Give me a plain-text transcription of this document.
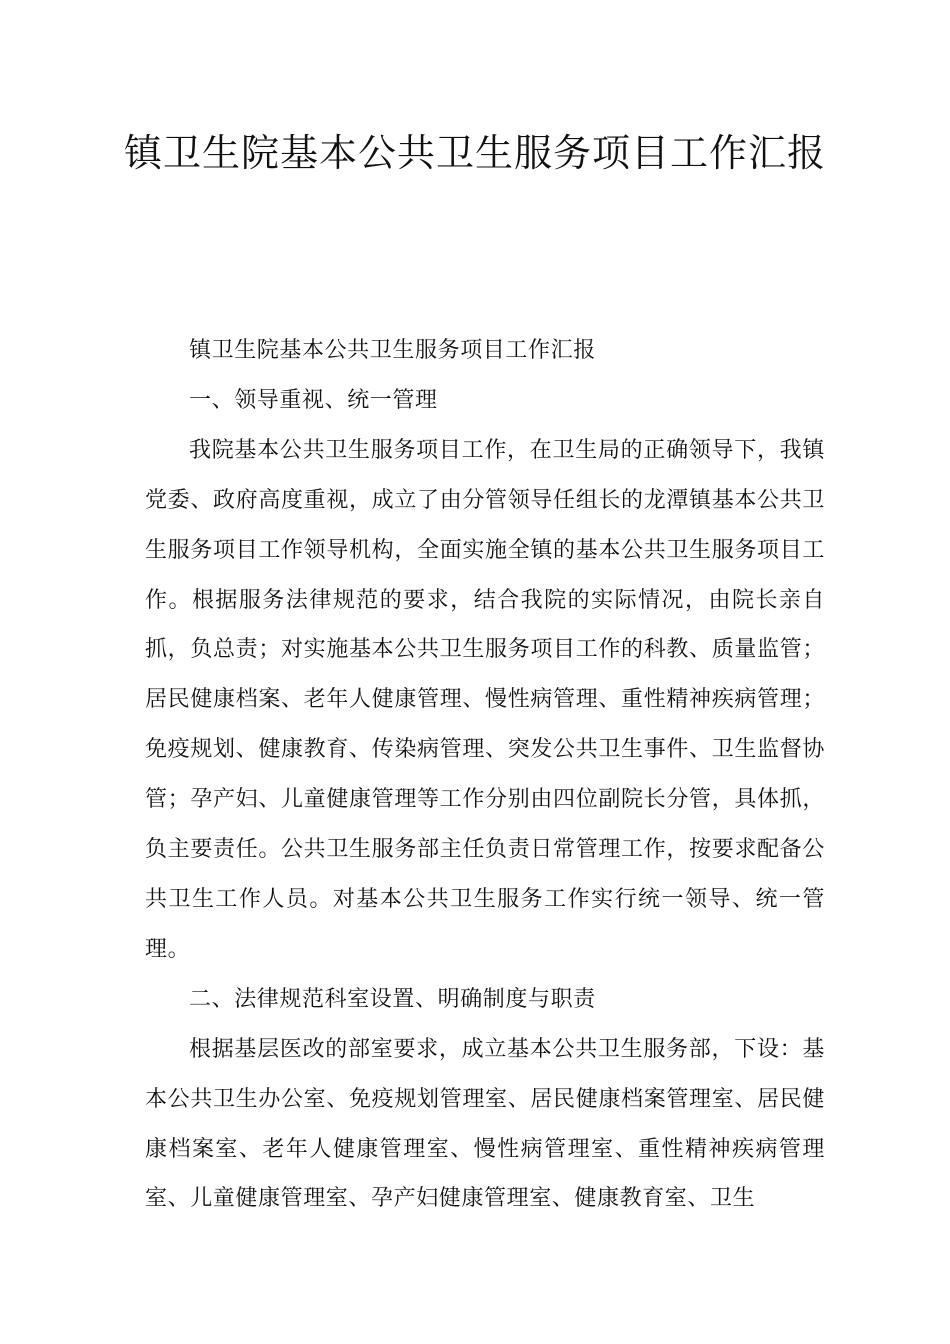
镇卫生院基本公共卫生服务项目工作汇报

镇卫生院基本公共卫生服务项目工作汇报

一、领导重视、统一管理

我院基本公共卫生服务项目工作，在卫生局的正确领导下，我镇党委、政府高度重视，成立了由分管领导任组长的龙潭镇基本公共卫生服务项目工作领导机构，全面实施全镇的基本公共卫生服务项目工作。根据服务法律规范的要求，结合我院的实际情况，由院长亲自抓，负总责；对实施基本公共卫生服务项目工作的科教、质量监管；居民健康档案、老年人健康管理、慢性病管理、重性精神疾病管理；免疫规划、健康教育、传染病管理、突发公共卫生事件、卫生监督协管；孕产妇、儿童健康管理等工作分别由四位副院长分管，具体抓，负主要责任。公共卫生服务部主任负责日常管理工作，按要求配备公共卫生工作人员。对基本公共卫生服务工作实行统一领导、统一管理。

二、法律规范科室设置、明确制度与职责

根据基层医改的部室要求，成立基本公共卫生服务部，下设：基本公共卫生办公室、免疫规划管理室、居民健康档案管理室、居民健康档案室、老年人健康管理室、慢性病管理室、重性精神疾病管理室、儿童健康管理室、孕产妇健康管理室、健康教育室、卫生
